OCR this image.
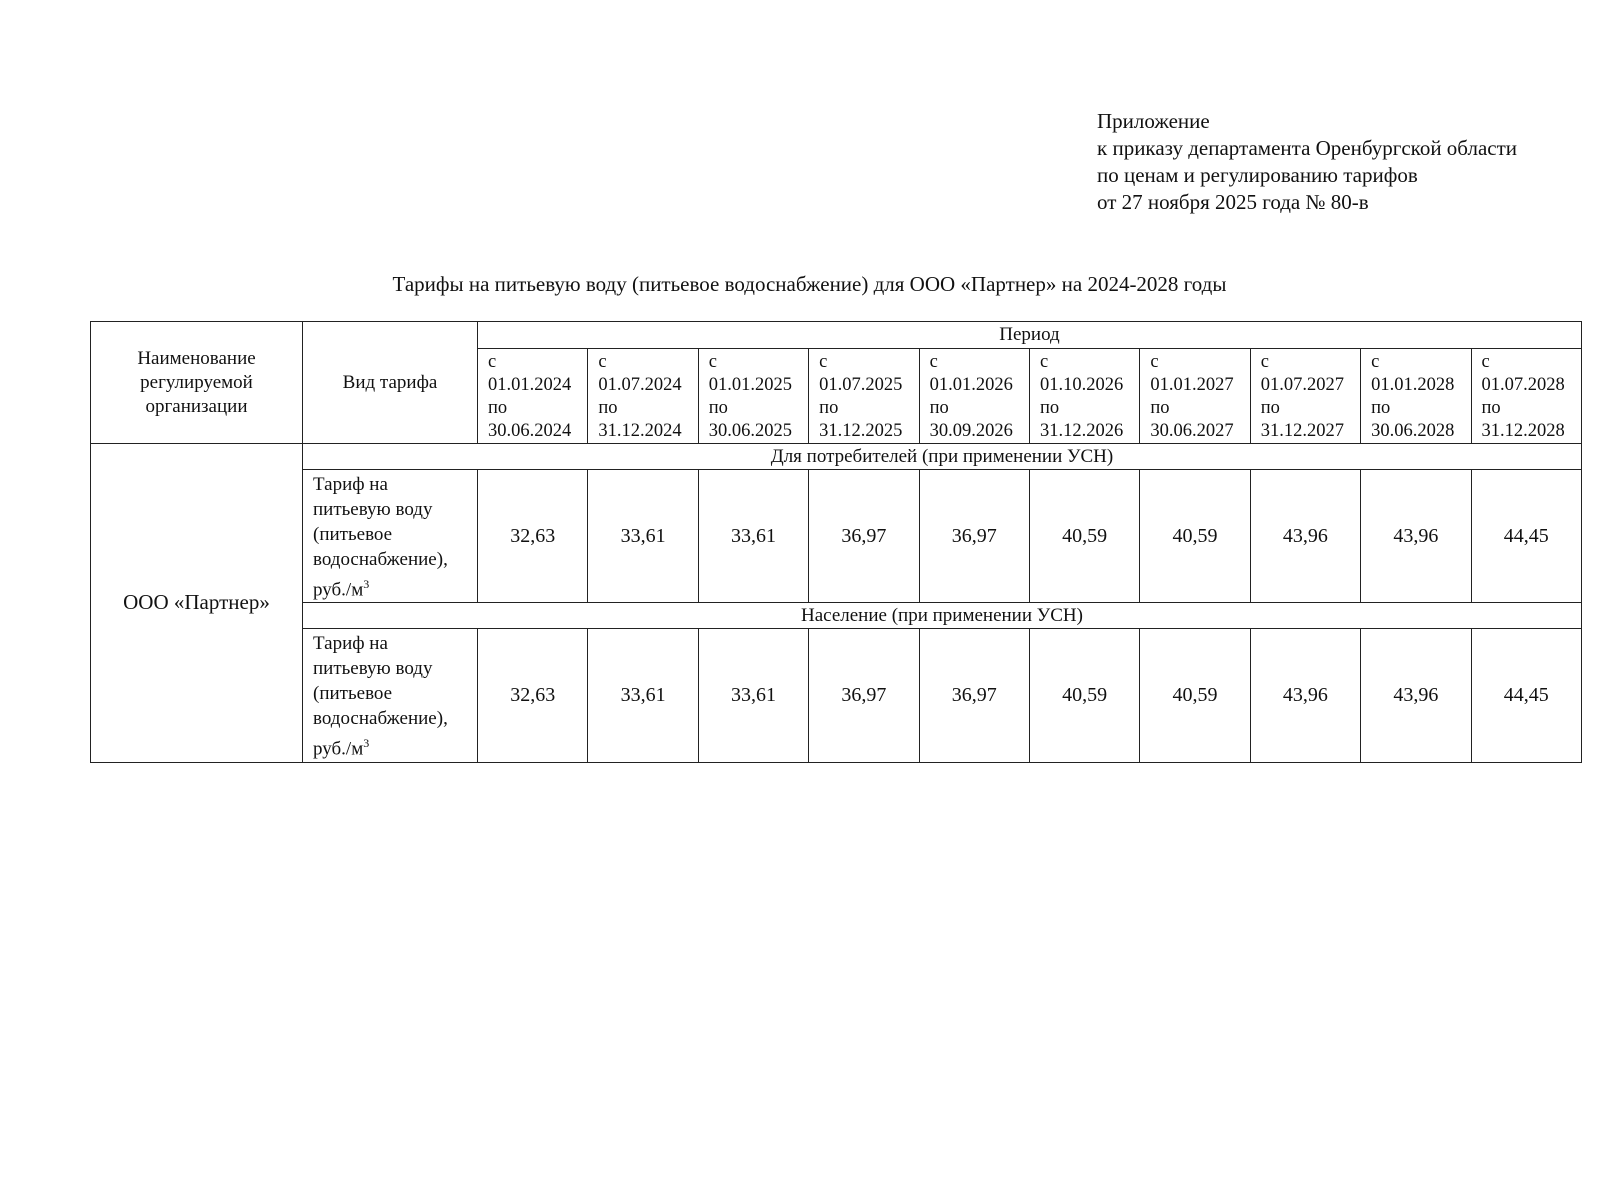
Приложение
к приказу департамента Оренбургской области
по ценам и регулированию тарифов
от 27 ноября 2025 года № 80-в
Тарифы на питьевую воду (питьевое водоснабжение) для ООО «Партнер» на 2024-2028 годы
Наименование
регулируемой
организации	Вид тарифа	Период									

		с
01.01.2024
по
30.06.2024	с
01.07.2024
по
31.12.2024	с
01.01.2025
по
30.06.2025	с
01.07.2025
по
31.12.2025	с
01.01.2026
по
30.09.2026	с
01.10.2026
по
31.12.2026	с
01.01.2027
по
30.06.2027	с
01.07.2027
по
31.12.2027	с
01.01.2028
по
30.06.2028	с
01.07.2028
по
31.12.2028

ООО «Партнер»	Для потребителей (при применении УСН)										

	Тариф на
питьевую воду
(питьевое
водоснабжение),
$руб./м^3$	32,63	33,61	33,61	36,97	36,97	40,59	40,59	43,96	43,96	44,45
	Население (при применении УСН)										

	Тариф на
питьевую воду
(питьевое
водоснабжение),
$руб./м^3$	32,63	33,61	33,61	36,97	36,97	40,59	40,59	43,96	43,96	44,45
